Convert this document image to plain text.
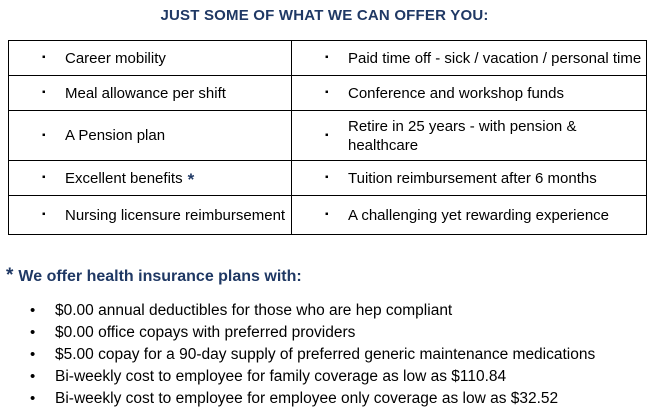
JUST SOME OF WHAT WE CAN OFFER YOU:
▪ Career mobility	▪ Paid time off - sick / vacation / personal time

▪ Meal allowance per shift	▪ Conference and workshop funds

▪ A Pension plan	▪
Retire in 25 years - with pension & healthcare

▪ Excellent benefits *	▪ Tuition reimbursement after 6 months

▪ Nursing licensure reimbursement	▪ A challenging yet rewarding experience
* We offer health insurance plans with:
•	$0.00 annual deductibles for those who are hep compliant
•	$0.00 office copays with preferred providers
•	$5.00 copay for a 90-day supply of preferred generic maintenance medications
•	Bi-weekly cost to employee for family coverage as low as $110.84
•	Bi-weekly cost to employee for employee only coverage as low as $32.52
